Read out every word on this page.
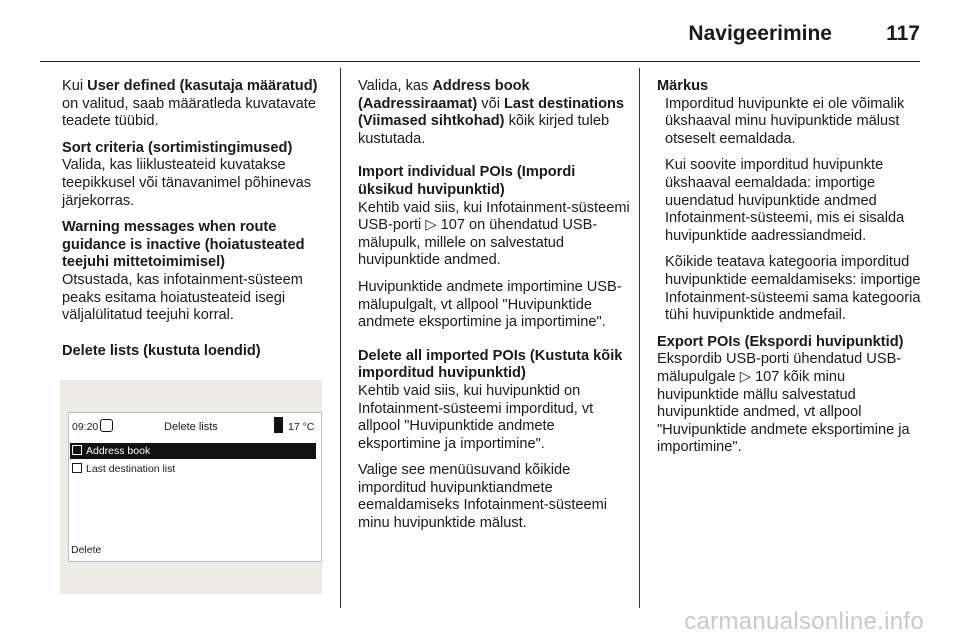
Navigeerimine	117

Kui User defined (kasutaja määratud) on valitud, saab määratleda kuvatavate teadete tüübid.

Sort criteria (sortimistingimused)

Valida, kas liiklusteateid kuvatakse teepikkusel või tänavanimel põhinevas järjekorras.

Warning messages when route guidance is inactive (hoiatusteated teejuhi mittetoimimisel)

Otsustada, kas infotainment-süsteem peaks esitama hoiatusteateid isegi väljalülitatud teejuhi korral.

Delete lists (kustuta loendid)
09:20	Delete lists	17 °C
Address book
Last destination list
Delete

Valida, kas Address book (Aadressiraamat) või Last destinations (Viimased sihtkohad) kõik kirjed tuleb kustutada.

Import individual POIs (Impordi üksikud huvipunktid)

Kehtib vaid siis, kui Infotainment-süsteemi USB-porti ▷ 107 on ühendatud USB-mälupulk, millele on salvestatud huvipunktide andmed.

Huvipunktide andmete importimine USB-mälupulgalt, vt allpool "Huvipunktide andmete eksportimine ja importimine".

Delete all imported POIs (Kustuta kõik imporditud huvipunktid)

Kehtib vaid siis, kui huvipunktid on Infotainment-süsteemi imporditud, vt allpool "Huvipunktide andmete eksportimine ja importimine".

Valige see menüüsuvand kõikide imporditud huvipunktiandmete eemaldamiseks Infotainment-süsteemi minu huvipunktide mälust.

Märkus

Imporditud huvipunkte ei ole võimalik ükshaaval minu huvipunktide mälust otseselt eemaldada.

Kui soovite imporditud huvipunkte ükshaaval eemaldada: importige uuendatud huvipunktide andmed Infotainment-süsteemi, mis ei sisalda huvipunktide aadressiandmeid.

Kõikide teatava kategooria imporditud huvipunktide eemaldamiseks: importige Infotainment-süsteemi sama kategooria tühi huvipunktide andmefail.

Export POIs (Ekspordi huvipunktid)

Ekspordib USB-porti ühendatud USB-mälupulgale ▷ 107 kõik minu huvipunktide mällu salvestatud huvipunktide andmed, vt allpool "Huvipunktide andmete eksportimine ja importimine".

carmanualsonline.info
